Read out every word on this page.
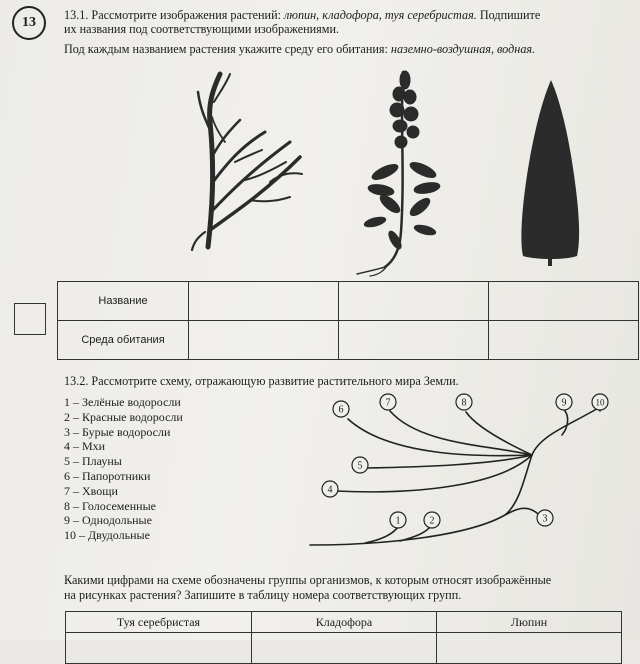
13 13.1. Рассмотрите изображения растений: люпин, кладофора, туя серебристая. Подпишите
их названия под соответствующими изображениями.
Под каждым названием растения укажите среду его обитания: наземно-воздушная, водная.
Название			
Среда обитания			
13.2. Рассмотрите схему, отражающую развитие растительного мира Земли.
1 – Зелёные водоросли
2 – Красные водоросли
3 – Бурые водоросли
4 – Мхи
5 – Плауны
6 – Папоротники
7 – Хвощи
8 – Голосеменные
9 – Однодольные
10 – Двудольные
1	2	3
4
5
6
7	8	9	10
Какими цифрами на схеме обозначены группы организмов, к которым относят изображённые
на рисунках растения? Запишите в таблицу номера соответствующих групп.
Туя серебристая	Кладофора	Люпин
